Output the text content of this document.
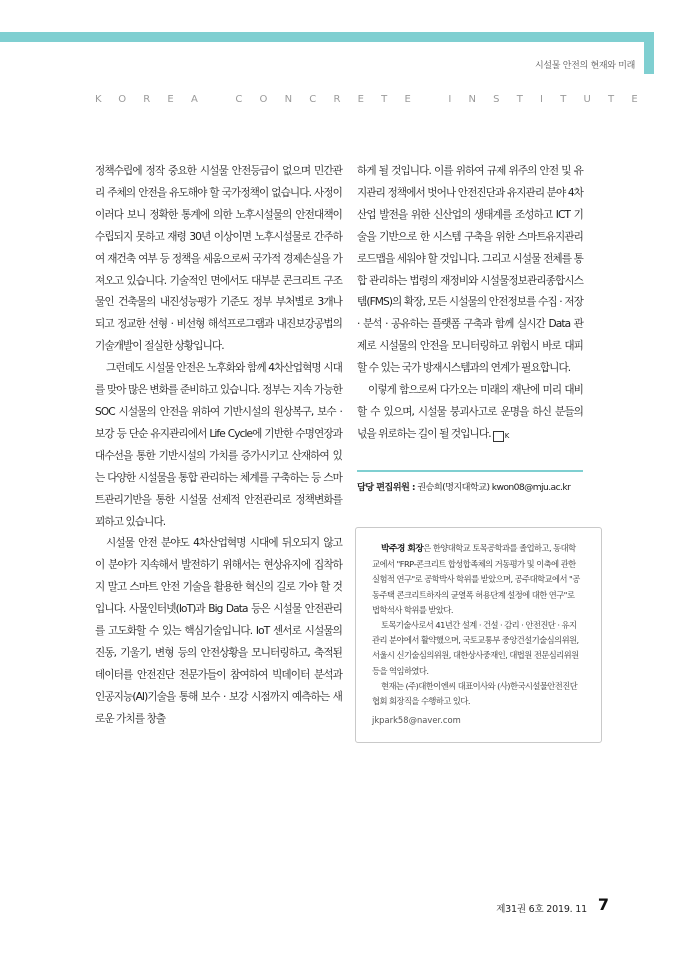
시설물 안전의 현재와 미래
KOREA CONCRETE INSTITUTE

정책수립에 정작 중요한 시설물 안전등급이 없으며 민간관리 주체의 안전을 유도해야 할 국가정책이 없습니다. 사정이 이러다 보니 정확한 통계에 의한 노후시설물의 안전대책이 수립되지 못하고 재령 30년 이상이면 노후시설물로 간주하여 재건축 여부 등 정책을 세움으로써 국가적 경제손실을 가져오고 있습니다. 기술적인 면에서도 대부분 콘크리트 구조물인 건축물의 내진성능평가 기준도 정부 부처별로 3개나 되고 정교한 선형 · 비선형 해석프로그램과 내진보강공법의 기술개발이 절실한 상황입니다.

그런데도 시설물 안전은 노후화와 함께 4차산업혁명 시대를 맞아 많은 변화를 준비하고 있습니다. 정부는 지속 가능한 SOC 시설물의 안전을 위하여 기반시설의 원상복구, 보수 · 보강 등 단순 유지관리에서 Life Cycle에 기반한 수명연장과 대수선을 통한 기반시설의 가치를 증가시키고 산재하여 있는 다양한 시설물을 통합 관리하는 체계를 구축하는 등 스마트관리기반을 통한 시설물 선제적 안전관리로 정책변화를 꾀하고 있습니다.

시설물 안전 분야도 4차산업혁명 시대에 뒤오되지 않고 이 분야가 지속해서 발전하기 위해서는 현상유지에 집착하지 말고 스마트 안전 기술을 활용한 혁신의 길로 가야 할 것입니다. 사물인터넷(IoT)과 Big Data 등은 시설물 안전관리를 고도화할 수 있는 핵심기술입니다. IoT 센서로 시설물의 진동, 기울기, 변형 등의 안전상황을 모니터링하고, 축적된 데이터를 안전진단 전문가들이 참여하여 빅데이터 분석과 인공지능(AI)기술을 통해 보수 · 보강 시점까지 예측하는 새로운 가치를 창출

하게 될 것입니다. 이를 위하여 규제 위주의 안전 및 유지관리 정책에서 벗어나 안전진단과 유지관리 분야 4차산업 발전을 위한 신산업의 생태계를 조성하고 ICT 기술을 기반으로 한 시스템 구축을 위한 스마트유지관리 로드맵을 세워야 할 것입니다. 그리고 시설물 전체를 통합 관리하는 법령의 재정비와 시설물정보관리종합시스템(FMS)의 확장, 모든 시설물의 안전정보를 수집 · 저장 · 분석 · 공유하는 플랫폼 구축과 함께 실시간 Data 관제로 시설물의 안전을 모니터링하고 위험시 바로 대피할 수 있는 국가 방재시스템과의 연계가 필요합니다.

이렇게 함으로써 다가오는 미래의 재난에 미리 대비할 수 있으며, 시설물 붕괴사고로 운명을 하신 분들의 넋을 위로하는 길이 될 것입니다. K

담당 편집위원 : 권승희(명지대학교) kwon08@mju.ac.kr

박주경 회장은 한양대학교 토목공학과를 졸업하고, 동대학교에서 "FRP-콘크리트 합성합족체의 거동평가 및 이축에 관한 실험적 연구"로 공학박사 학위를 받았으며, 공주대학교에서 "공동주택 콘크리트하자의 균열폭 허용단계 설정에 대한 연구"로 법학석사 학위를 받았다.

토목기술사로서 41년간 설계 · 건설 · 감리 · 안전진단 · 유지관리 분야에서 활약했으며, 국토교통부 중앙건설기술심의위원, 서울시 신기술심의위원, 대한상사중재인, 대법원 전문심리위원 등을 역임하였다.

현재는 (주)대한이엔씨 대표이사와 (사)한국시설물안전진단협회 회장직을 수행하고 있다.

jkpark58@naver.com
제31권 6호 2019. 11 7
